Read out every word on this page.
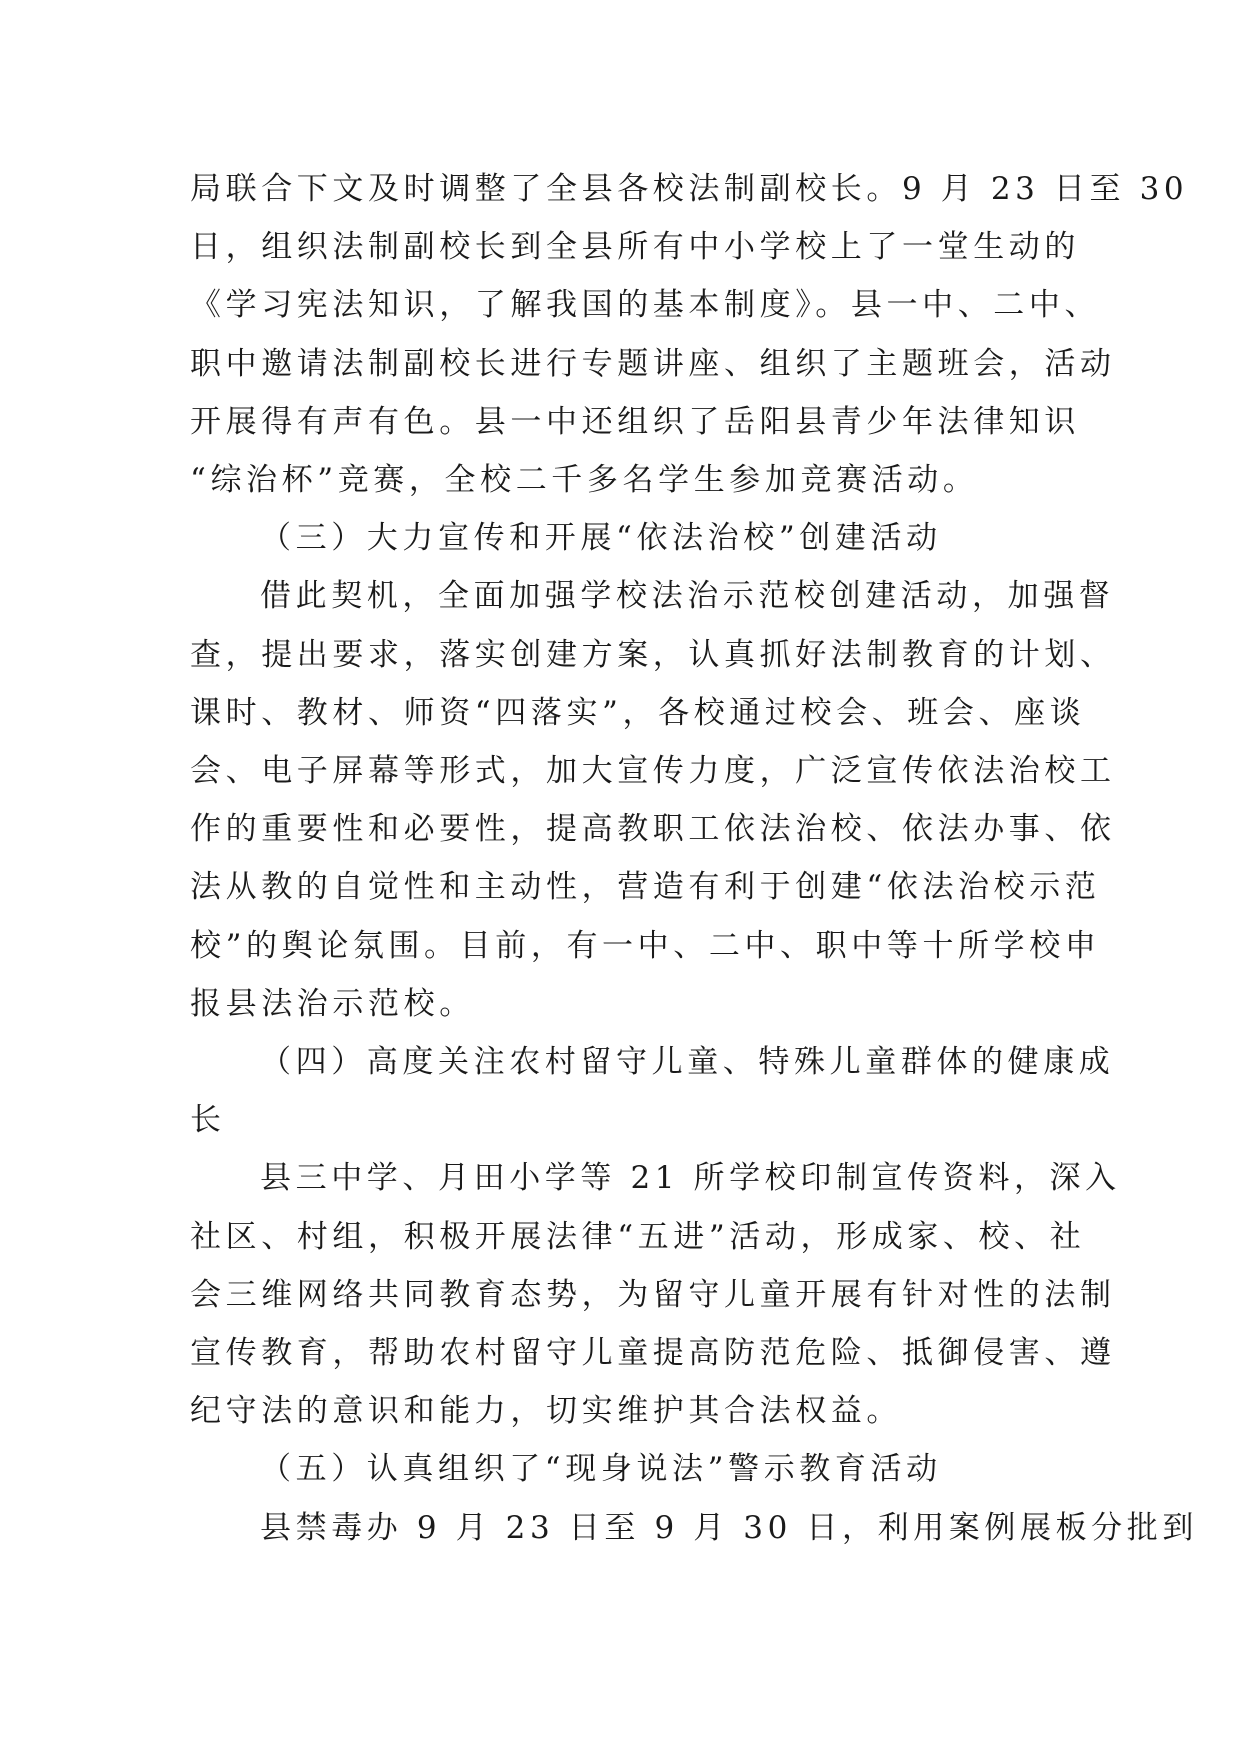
局联合下文及时调整了全县各校法制副校长。9 月 23 日至 30

日，组织法制副校长到全县所有中小学校上了一堂生动的

《学习宪法知识，了解我国的基本制度》。县一中、二中、

职中邀请法制副校长进行专题讲座、组织了主题班会，活动

开展得有声有色。县一中还组织了岳阳县青少年法律知识

“综治杯”竞赛，全校二千多名学生参加竞赛活动。

（三）大力宣传和开展“依法治校”创建活动

借此契机，全面加强学校法治示范校创建活动，加强督

查，提出要求，落实创建方案，认真抓好法制教育的计划、

课时、教材、师资“四落实”，各校通过校会、班会、座谈

会、电子屏幕等形式，加大宣传力度，广泛宣传依法治校工

作的重要性和必要性，提高教职工依法治校、依法办事、依

法从教的自觉性和主动性，营造有利于创建“依法治校示范

校”的舆论氛围。目前，有一中、二中、职中等十所学校申

报县法治示范校。

（四）高度关注农村留守儿童、特殊儿童群体的健康成

长

县三中学、月田小学等 21 所学校印制宣传资料，深入

社区、村组，积极开展法律“五进”活动，形成家、校、社

会三维网络共同教育态势，为留守儿童开展有针对性的法制

宣传教育，帮助农村留守儿童提高防范危险、抵御侵害、遵

纪守法的意识和能力，切实维护其合法权益。

（五）认真组织了“现身说法”警示教育活动

县禁毒办 9 月 23 日至 9 月 30 日，利用案例展板分批到
